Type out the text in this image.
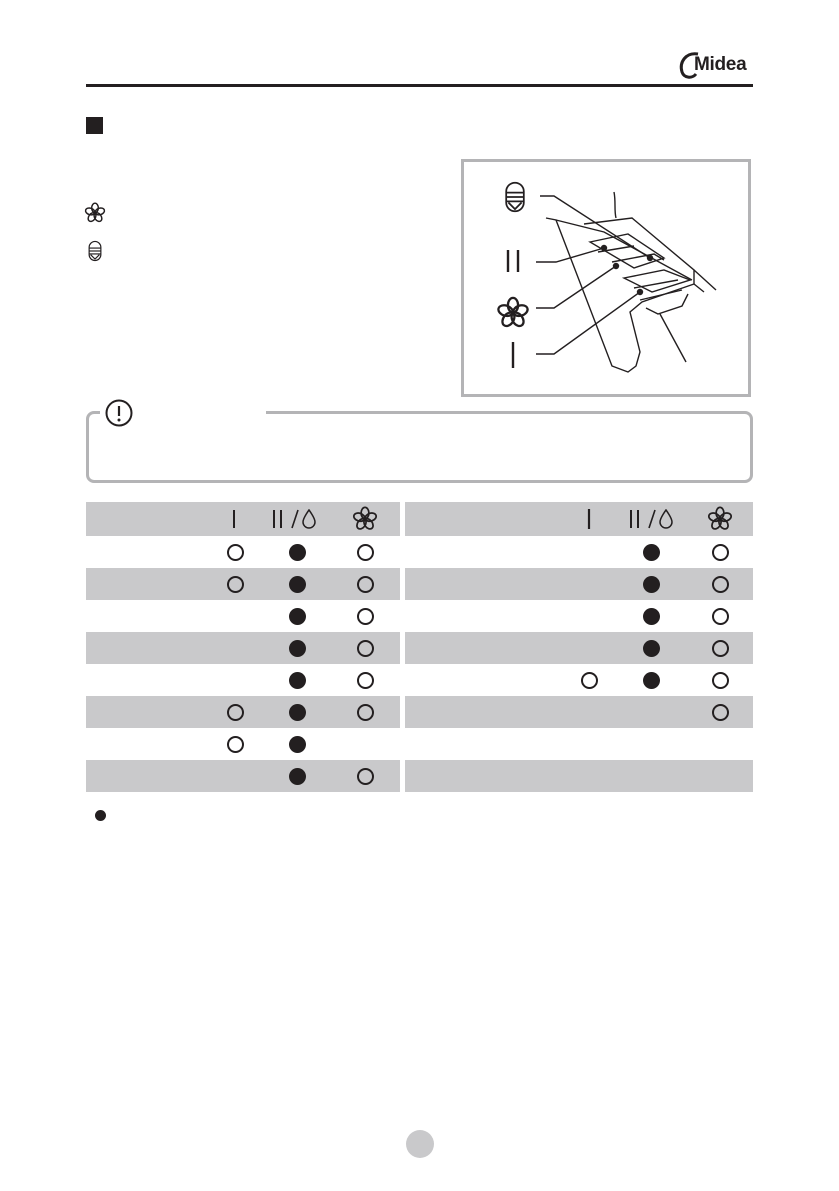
Midea
